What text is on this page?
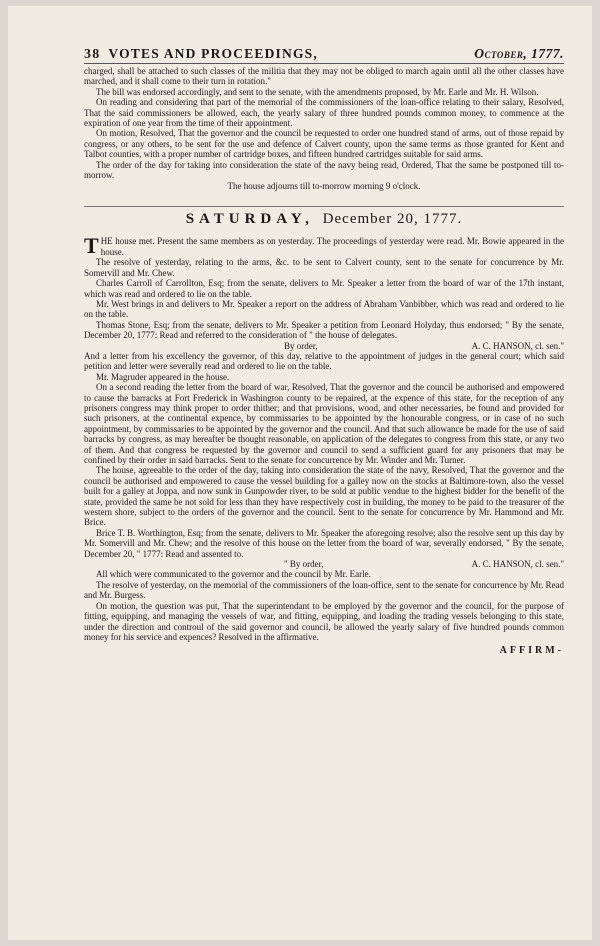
38 VOTES AND PROCEEDINGS,	October, 1777.

charged, shall be attached to such classes of the militia that they may not be obliged to march again until all the other classes have marched, and it shall come to their turn in rotation."

The bill was endorsed accordingly, and sent to the senate, with the amendments proposed, by Mr. Earle and Mr. H. Wilson.

On reading and considering that part of the memorial of the commissioners of the loan-office relating to their salary, Resolved, That the said commissioners be allowed, each, the yearly salary of three hundred pounds common money, to commence at the expiration of one year from the time of their appointment.

On motion, Resolved, That the governor and the council be requested to order one hundred stand of arms, out of those repaid by congress, or any others, to be sent for the use and defence of Calvert county, upon the same terms as those granted for Kent and Talbot counties, with a proper number of cartridge boxes, and fifteen hundred cartridges suitable for said arms.

The order of the day for taking into consideration the state of the navy being read, Ordered, That the same be postponed till to-morrow.

The house adjourns till to-morrow morning 9 o'clock.
SATURDAY, December 20, 1777.

THE house met. Present the same members as on yesterday. The proceedings of yesterday were read. Mr. Bowie appeared in the house.

The resolve of yesterday, relating to the arms, &c. to be sent to Calvert county, sent to the senate for concurrence by Mr. Somervill and Mr. Chew.

Charles Carroll of Carrollton, Esq; from the senate, delivers to Mr. Speaker a letter from the board of war of the 17th instant, which was read and ordered to lie on the table.

Mr. West brings in and delivers to Mr. Speaker a report on the address of Abraham Vanbibber, which was read and ordered to lie on the table.

Thomas Stone, Esq; from the senate, delivers to Mr. Speaker a petition from Leonard Holyday, thus endorsed; " By the senate, December 20, 1777: Read and referred to the consideration of " the house of delegates.

By order,	A. C. HANSON, cl. sen."

And a letter from his excellency the governor, of this day, relative to the appointment of judges in the general court; which said petition and letter were severally read and ordered to lie on the table.

Mr. Magruder appeared in the house.

On a second reading the letter from the board of war, Resolved, That the governor and the council be authorised and empowered to cause the barracks at Fort Frederick in Washington county to be repaired, at the expence of this state, for the reception of any prisoners congress may think proper to order thither; and that provisions, wood, and other necessaries, be found and provided for such prisoners, at the continental expence, by commissaries to be appointed by the honourable congress, or in case of no such appointment, by commissaries to be appointed by the governor and the council. And that such allowance be made for the use of said barracks by congress, as may hereafter be thought reasonable, on application of the delegates to congress from this state, or any two of them. And that congress be requested by the governor and council to send a sufficient guard for any prisoners that may be confined by their order in said barracks. Sent to the senate for concurrence by Mr. Winder and Mr. Turner.

The house, agreeable to the order of the day, taking into consideration the state of the navy, Resolved, That the governor and the council be authorised and empowered to cause the vessel building for a galley now on the stocks at Baltimore-town, also the vessel built for a galley at Joppa, and now sunk in Gunpowder river, to be sold at public vendue to the highest bidder for the benefit of the state, provided the same be not sold for less than they have respectively cost in building, the money to be paid to the treasurer of the western shore, subject to the orders of the governor and the council. Sent to the senate for concurrence by Mr. Hammond and Mr. Brice.

Brice T. B. Worthington, Esq; from the senate, delivers to Mr. Speaker the aforegoing resolve; also the resolve sent up this day by Mr. Somervill and Mr. Chew; and the resolve of this house on the letter from the board of war, severally endorsed, " By the senate, December 20, " 1777: Read and assented to.

" By order,	A. C. HANSON, cl. sen."

All which were communicated to the governor and the council by Mr. Earle.

The resolve of yesterday, on the memorial of the commissioners of the loan-office, sent to the senate for concurrence by Mr. Read and Mr. Burgess.

On motion, the question was put, That the superintendant to be employed by the governor and the council, for the purpose of fitting, equipping, and managing the vessels of war, and fitting, equipping, and loading the trading vessels belonging to this state, under the direction and controul of the said governor and council, be allowed the yearly salary of five hundred pounds common money for his service and expences? Resolved in the affirmative.

AFFIRM-
